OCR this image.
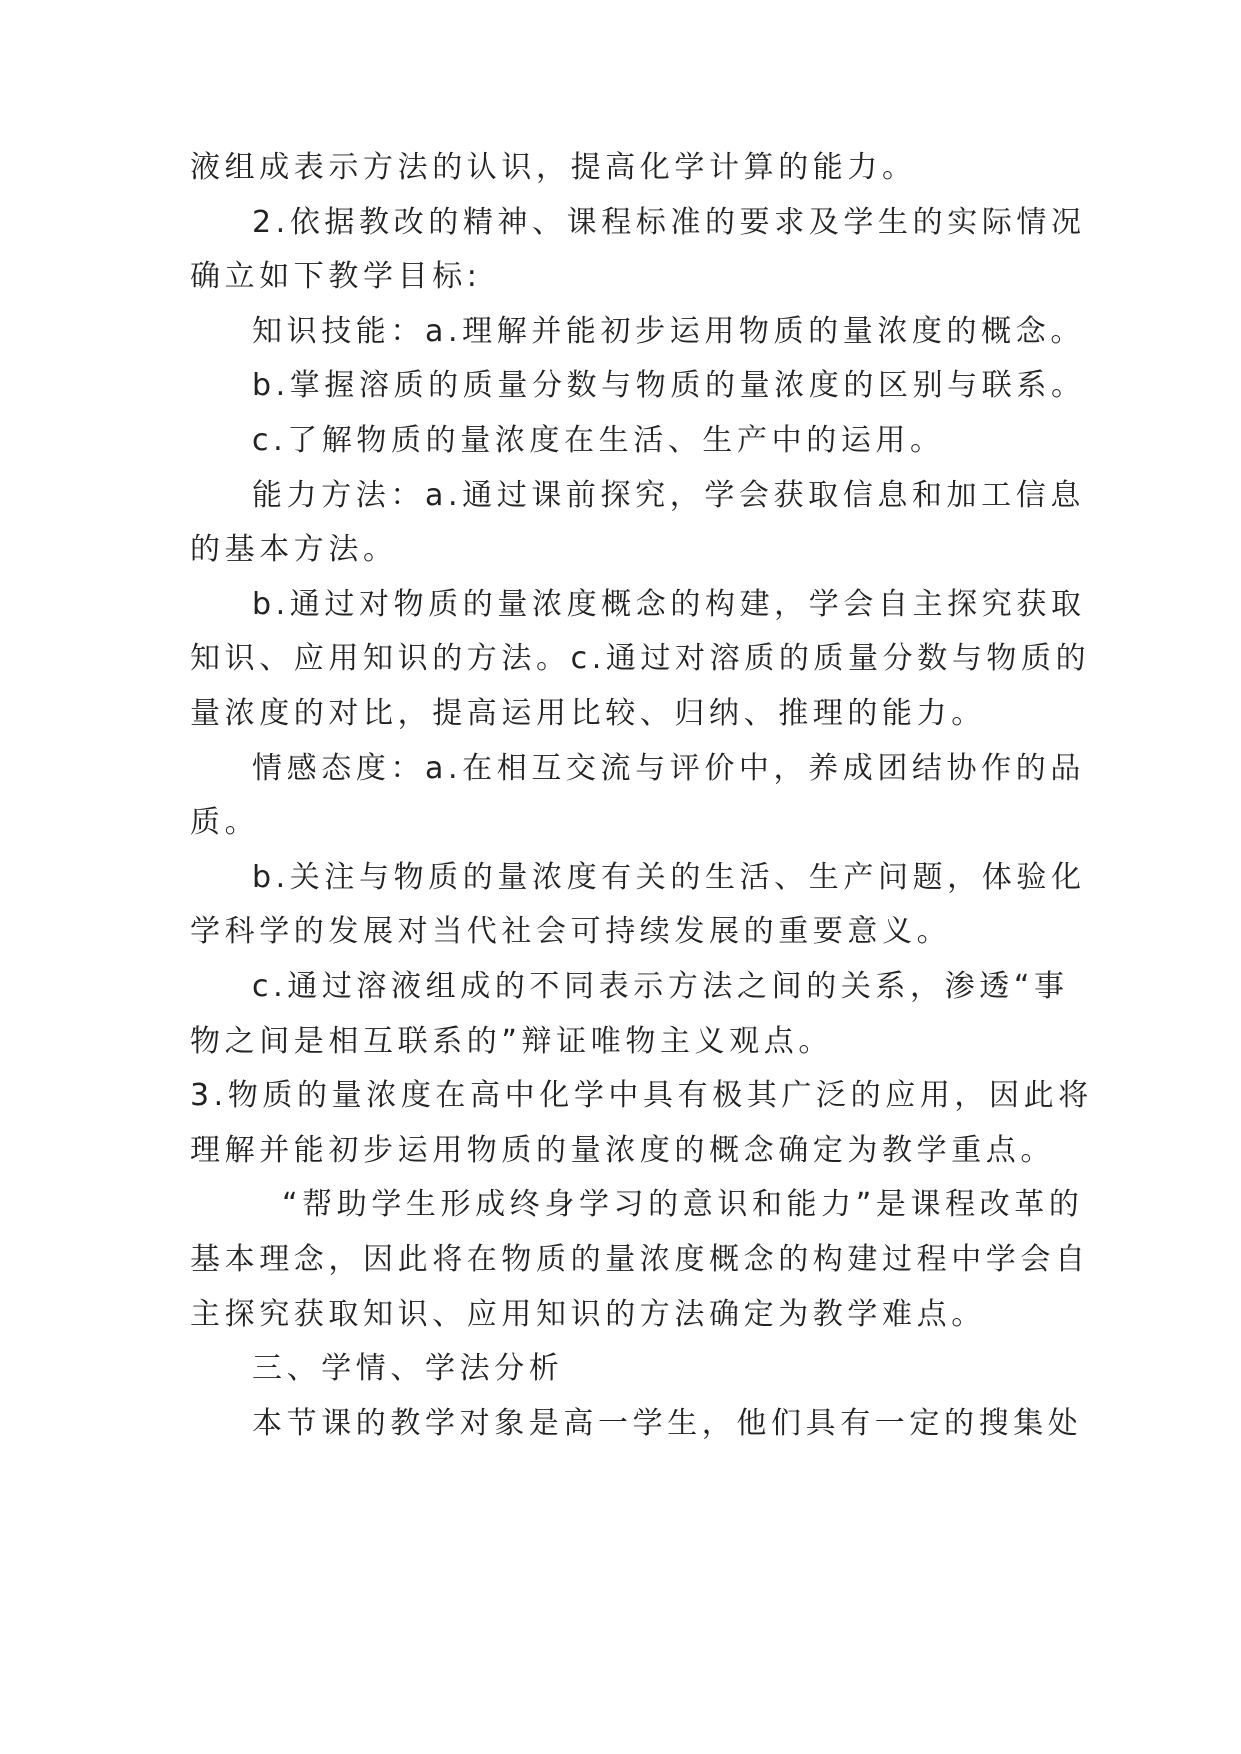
液组成表示方法的认识，提高化学计算的能力。

2.依据教改的精神、课程标准的要求及学生的实际情况

确立如下教学目标:

知识技能：a.理解并能初步运用物质的量浓度的概念。

b.掌握溶质的质量分数与物质的量浓度的区别与联系。

c.了解物质的量浓度在生活、生产中的运用。

能力方法：a.通过课前探究，学会获取信息和加工信息

的基本方法。

b.通过对物质的量浓度概念的构建，学会自主探究获取

知识、应用知识的方法。c.通过对溶质的质量分数与物质的

量浓度的对比，提高运用比较、归纳、推理的能力。

情感态度：a.在相互交流与评价中，养成团结协作的品

质。

b.关注与物质的量浓度有关的生活、生产问题，体验化

学科学的发展对当代社会可持续发展的重要意义。

c.通过溶液组成的不同表示方法之间的关系，渗透“事

物之间是相互联系的”辩证唯物主义观点。

3.物质的量浓度在高中化学中具有极其广泛的应用，因此将

理解并能初步运用物质的量浓度的概念确定为教学重点。

“帮助学生形成终身学习的意识和能力”是课程改革的

基本理念，因此将在物质的量浓度概念的构建过程中学会自

主探究获取知识、应用知识的方法确定为教学难点。

三、学情、学法分析

本节课的教学对象是高一学生，他们具有一定的搜集处
